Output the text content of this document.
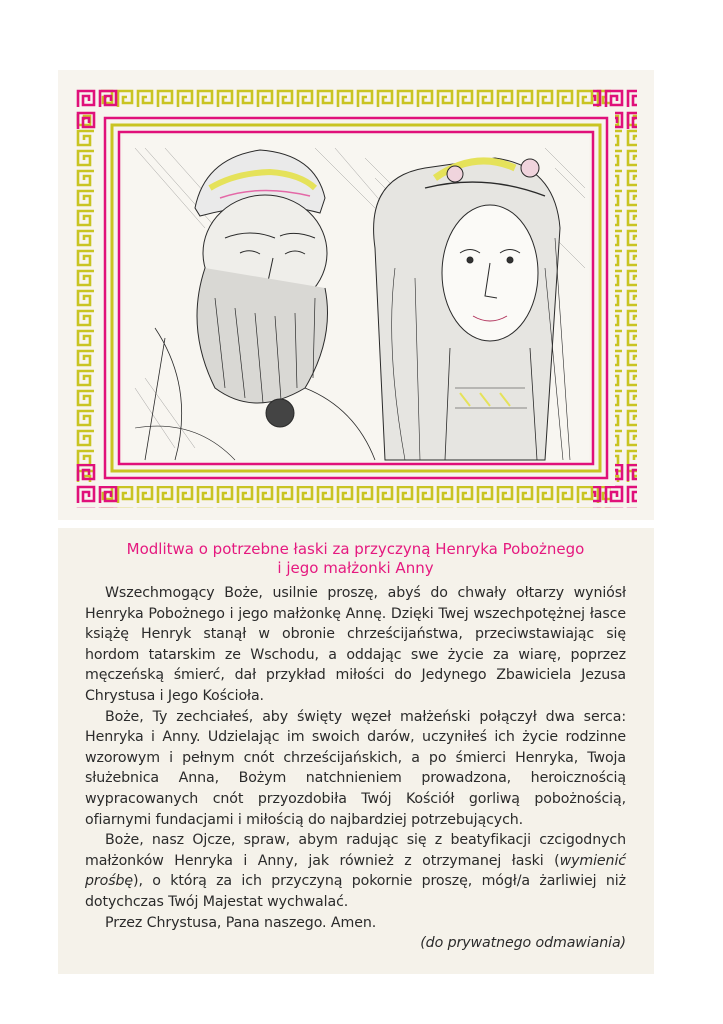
Modlitwa o potrzebne łaski za przyczyną Henryka Pobożnego
i jego małżonki Anny

Wszechmogący Boże, usilnie proszę, abyś do chwały ołtarzy wyniósł Henryka Pobożnego i jego małżonkę Annę. Dzięki Twej wszechpotężnej łasce książę Henryk stanął w obronie chrześcijaństwa, przeciwstawiając się hordom tatarskim ze Wschodu, a oddając swe życie za wiarę, poprzez męczeńską śmierć, dał przykład miłości do Jedynego Zbawiciela Jezusa Chrystusa i Jego Kościoła.

Boże, Ty zechciałeś, aby święty węzeł małżeński połączył dwa serca: Henryka i Anny. Udzielając im swoich darów, uczyniłeś ich życie rodzinne wzorowym i pełnym cnót chrześcijańskich, a po śmierci Henryka, Twoja służebnica Anna, Bożym natchnieniem prowadzona, heroicznością wypracowanych cnót przyozdobiła Twój Kościół gorliwą pobożnością, ofiarnymi fundacjami i miłością do najbardziej potrzebujących.

Boże, nasz Ojcze, spraw, abym radując się z beatyfikacji czcigodnych małżonków Henryka i Anny, jak również z otrzymanej łaski (wymienić prośbę), o którą za ich przyczyną pokornie proszę, mógł/a żarliwiej niż dotychczas Twój Majestat wychwalać.

Przez Chrystusa, Pana naszego. Amen.

(do prywatnego odmawiania)
